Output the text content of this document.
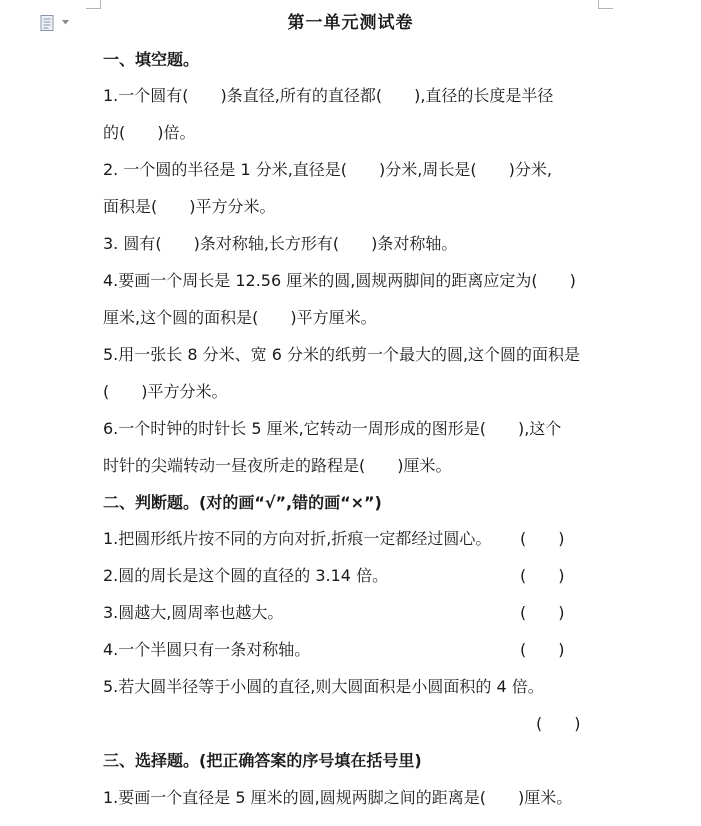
第一单元测试卷
一、填空题。
1.一个圆有(　　)条直径,所有的直径都(　　),直径的长度是半径
的(　　)倍。
2. 一个圆的半径是 1 分米,直径是(　　)分米,周长是(　　)分米,
面积是(　　)平方分米。
3. 圆有(　　)条对称轴,长方形有(　　)条对称轴。
4.要画一个周长是 12.56 厘米的圆,圆规两脚间的距离应定为(　　)
厘米,这个圆的面积是(　　)平方厘米。
5.用一张长 8 分米、宽 6 分米的纸剪一个最大的圆,这个圆的面积是
(　　)平方分米。
6.一个时钟的时针长 5 厘米,它转动一周形成的图形是(　　),这个
时针的尖端转动一昼夜所走的路程是(　　)厘米。
二、判断题。(对的画“√”,错的画“×”)
1.把圆形纸片按不同的方向对折,折痕一定都经过圆心。 (　　)
2.圆的周长是这个圆的直径的 3.14 倍。	(　　)
3.圆越大,圆周率也越大。	(　　)
4.一个半圆只有一条对称轴。	(　　)
5.若大圆半径等于小圆的直径,则大圆面积是小圆面积的 4 倍。
(　　)
三、选择题。(把正确答案的序号填在括号里)
1.要画一个直径是 5 厘米的圆,圆规两脚之间的距离是(　　)厘米。
